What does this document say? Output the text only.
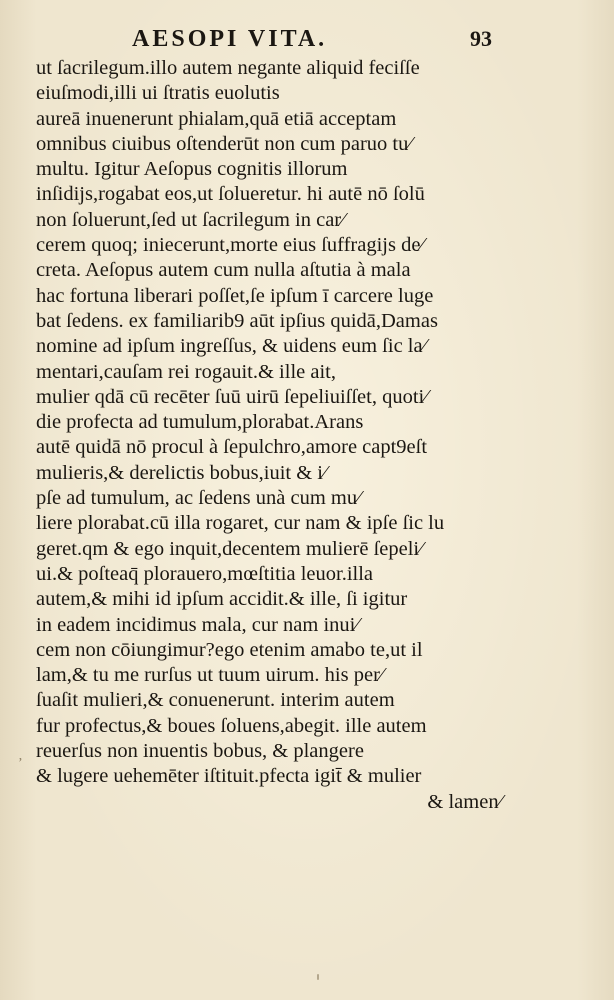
AESOPI VITA.	93
ut ſacrilegum.illo autem negante aliquid feciſſe
eiuſmodi,illi ui ſtratis euolutis
aureā inuenerunt phialam,quā etiā acceptam
omnibus ciuibus oſtenderūt non cum paruo tu⁄
multu. Igitur Aeſopus cognitis illorum
inſidijs,rogabat eos,ut ſolueretur. hi autē nō ſolū
non ſoluerunt,ſed ut ſacrilegum in car⁄
cerem quoq; iniecerunt,morte eius ſuffragijs de⁄
creta. Aeſopus autem cum nulla aſtutia à mala
hac fortuna liberari poſſet,ſe ipſum ī carcere luge
bat ſedens. ex familiarib9 aūt ipſius quidā,Damas
nomine ad ipſum ingreſſus, & uidens eum ſic la⁄
mentari,cauſam rei rogauit.& ille ait,
mulier qdā cū recēter ſuū uirū ſepeliuiſſet, quoti⁄
die profecta ad tumulum,plorabat.Arans
autē quidā nō procul à ſepulchro,amore capt9eſt
mulieris,& derelictis bobus,iuit & i⁄
pſe ad tumulum, ac ſedens unà cum mu⁄
liere plorabat.cū illa rogaret, cur nam & ipſe ſic lu
geret.qm & ego inquit,decentem mulierē ſepeli⁄
ui.& poſteaq̄ plorauero,mœſtitia leuor.illa
autem,& mihi id ipſum accidit.& ille, ſi igitur
in eadem incidimus mala, cur nam inui⁄
cem non cōiungimur?ego etenim amabo te,ut il
lam,& tu me rurſus ut tuum uirum. his per⁄
ſuaſit mulieri,& conuenerunt. interim autem
fur profectus,& boues ſoluens,abegit. ille autem
reuerſus non inuentis bobus, & plangere
& lugere uehemēter iſtituit.pfecta igit̄ & mulier
& lamen⁄
ʼ
